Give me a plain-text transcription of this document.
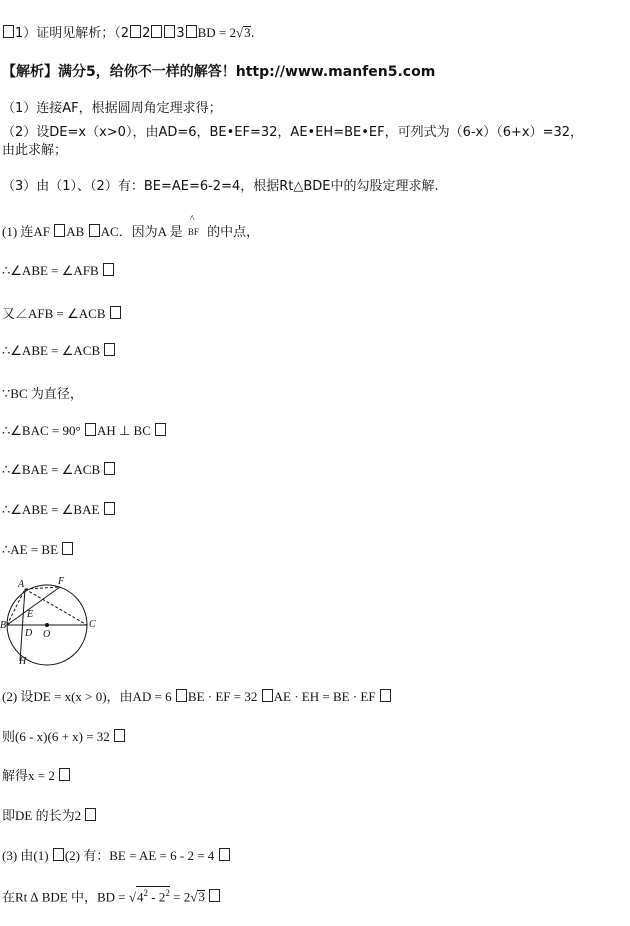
1）证明见解析；（2 2 3 BD = 2√3.
【解析】满分5，给你不一样的解答！http://www.manfen5.com
（1）连接AF，根据圆周角定理求得；
（2）设DE=x（x>0），由AD=6，BE•EF=32，AE•EH=BE•EF，可列式为（6-x）（6+x）=32，
由此求解；
（3）由（1）、（2）有：BE=AE=6-2=4，根据Rt△BDE中的勾股定理求解.
(1) 连AF AB AC．因为A 是
^
BF 的中点，
∴∠ABE = ∠AFB
又∠AFB = ∠ACB
∴∠ABE = ∠ACB
∵BC 为直径，
∴∠BAC = 90° AH ⊥ BC
∴∠BAE = ∠ACB
∴∠ABE = ∠BAE
∴AE = BE
F
A
E
B
D O
C
H
(2) 设DE = x(x > 0)，由AD = 6 BE · EF = 32 AE · EH = BE · EF
则(6 - x)(6 + x) = 32
解得x = 2
即DE 的长为2
(3) 由(1) (2) 有：BE = AE = 6 - 2 = 4
在Rt ∆ BDE 中，BD = $√4^2 - 2^2 = 2√3$
